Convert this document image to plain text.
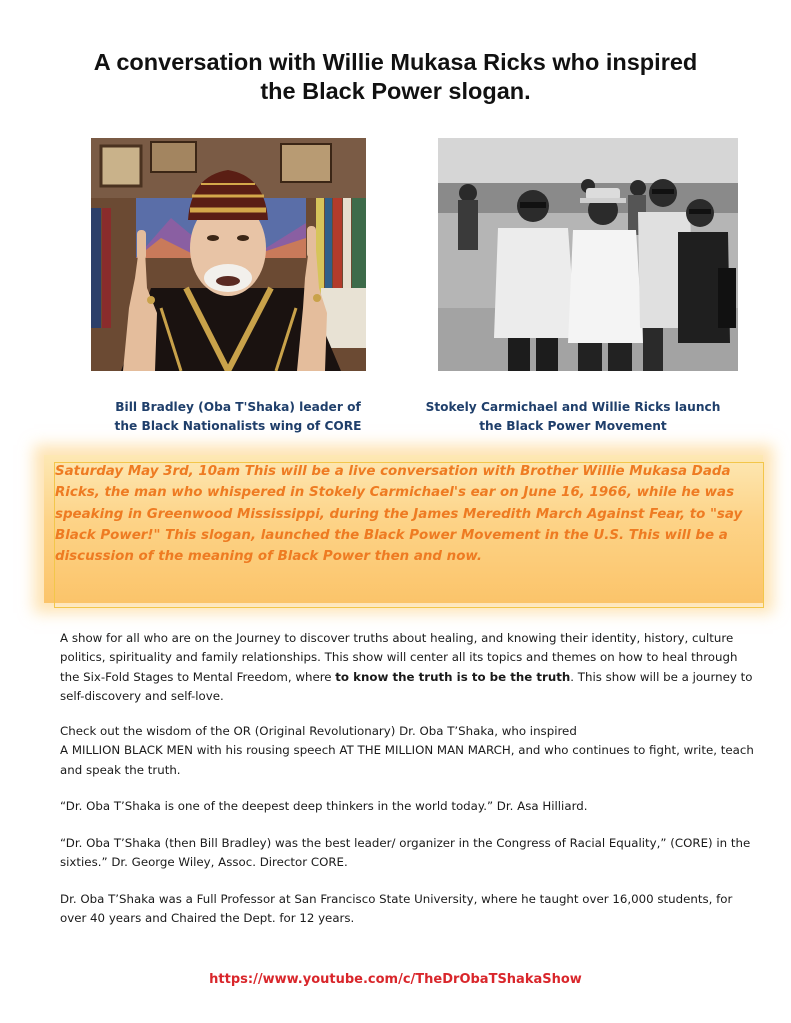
A conversation with Willie Mukasa Ricks who inspired
the Black Power slogan.
Bill Bradley (Oba T'Shaka) leader of
the Black Nationalists wing of CORE
Stokely Carmichael and Willie Ricks launch
the Black Power Movement
Saturday May 3rd, 10am This will be a live conversation with Brother Willie Mukasa Dada Ricks, the man who whispered in Stokely Carmichael's ear on June 16, 1966, while he was speaking in Greenwood Mississippi, during the James Meredith March Against Fear, to "say Black Power!" This slogan, launched the Black Power Movement in the U.S. This will be a discussion of the meaning of Black Power then and now.
A show for all who are on the Journey to discover truths about healing, and knowing their identity, history, culture politics, spirituality and family relationships. This show will center all its topics and themes on how to heal through the Six-Fold Stages to Mental Freedom, where to know the truth is to be the truth. This show will be a journey to self-discovery and self-love.
Check out the wisdom of the OR (Original Revolutionary) Dr. Oba T’Shaka, who inspired
A MILLION BLACK MEN with his rousing speech AT THE MILLION MAN MARCH, and who continues to fight, write, teach and speak the truth.
“Dr. Oba T’Shaka is one of the deepest deep thinkers in the world today.” Dr. Asa Hilliard.
“Dr. Oba T’Shaka (then Bill Bradley) was the best leader/ organizer in the Congress of Racial Equality,” (CORE) in the sixties.” Dr. George Wiley, Assoc. Director CORE.
Dr. Oba T’Shaka was a Full Professor at San Francisco State University, where he taught over 16,000 students, for over 40 years and Chaired the Dept. for 12 years.
https://www.youtube.com/c/TheDrObaTShakaShow
